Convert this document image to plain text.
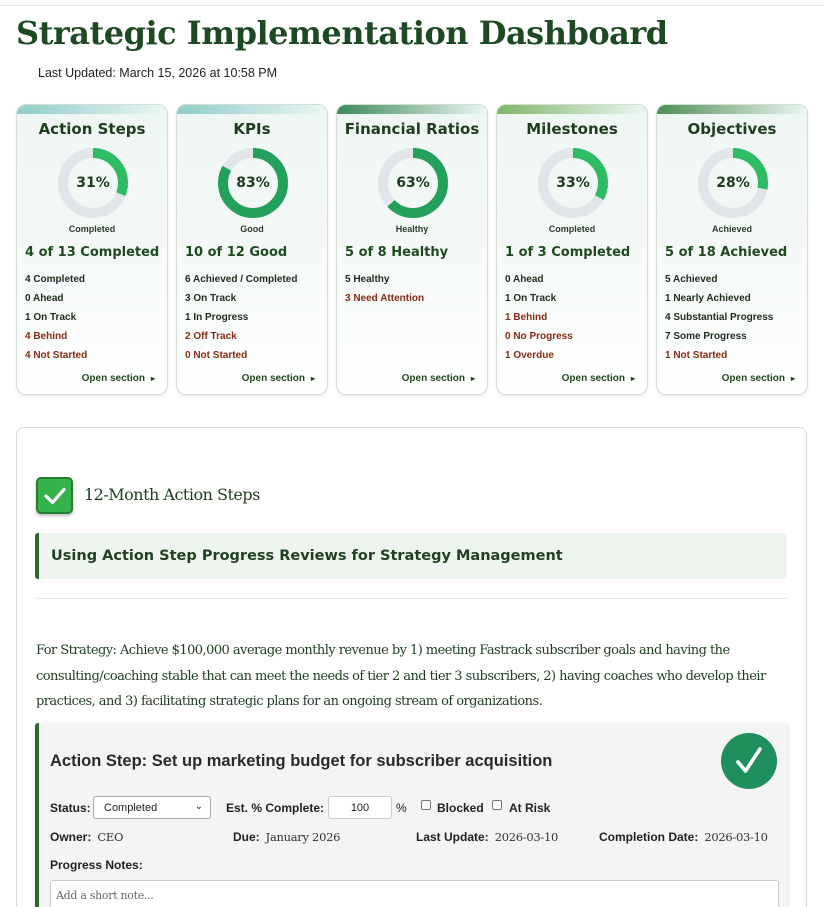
Strategic Implementation Dashboard
Last Updated: March 15, 2026 at 10:58 PM
Action Steps
31%
Completed
4 of 13 Completed
4 Completed
0 Ahead
1 On Track
4 Behind
4 Not Started
Open section ▸
KPIs
83%
Good
10 of 12 Good
6 Achieved / Completed
3 On Track
1 In Progress
2 Off Track
0 Not Started
Open section ▸
Financial Ratios
63%
Healthy
5 of 8 Healthy
5 Healthy
3 Need Attention
Open section ▸
Milestones
33%
Completed
1 of 3 Completed
0 Ahead
1 On Track
1 Behind
0 No Progress
1 Overdue
Open section ▸
Objectives
28%
Achieved
5 of 18 Achieved
5 Achieved
1 Nearly Achieved
4 Substantial Progress
7 Some Progress
1 Not Started
Open section ▸
12-Month Action Steps
Using Action Step Progress Reviews for Strategy Management

For Strategy: Achieve $100,000 average monthly revenue by 1) meeting Fastrack subscriber goals and having the consulting/coaching stable that can meet the needs of tier 2 and tier 3 subscribers, 2) having coaches who develop their practices, and 3) facilitating strategic plans for an ongoing stream of organizations.

Action Step: Set up marketing budget for subscriber acquisition
Status:	Completed	⌄ Est. % Complete:	100	%	Blocked At Risk
Owner: CEO	Due: January 2026	Last Update: 2026-03-10	Completion Date: 2026-03-10
Progress Notes:
Add a short note...
